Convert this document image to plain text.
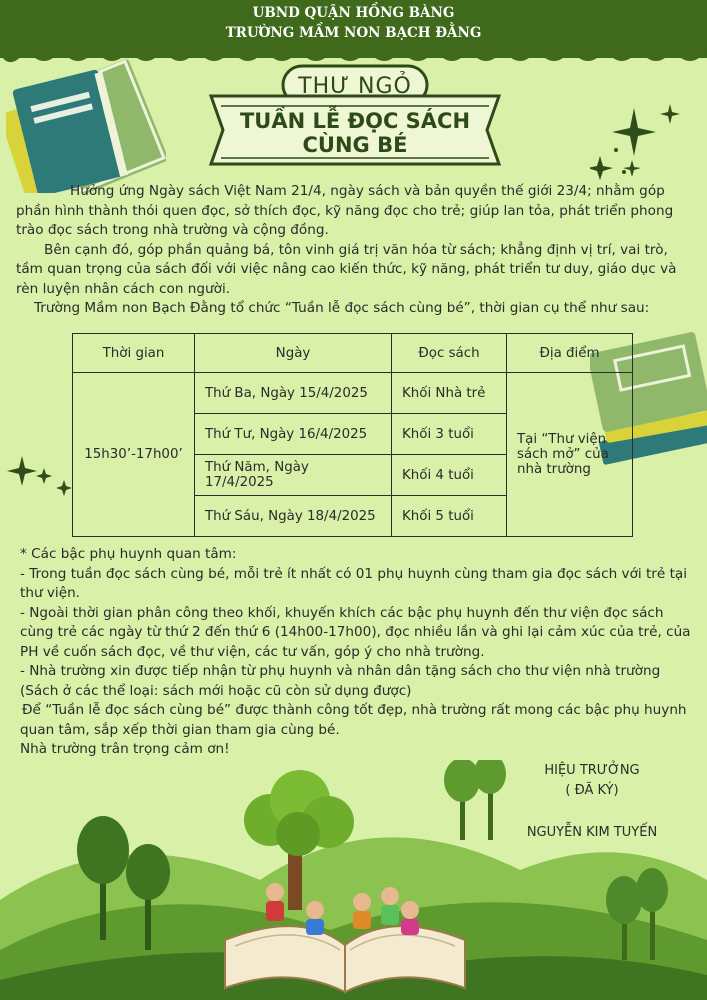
UBND QUẬN HỒNG BÀNG
TRƯỜNG MẦM NON BẠCH ĐẰNG
THƯ NGỎ
TUẦN LỄ ĐỌC SÁCH CÙNG BÉ

Hưởng ứng Ngày sách Việt Nam 21/4, ngày sách và bản quyền thế giới 23/4; nhằm góp phần hình thành thói quen đọc, sở thích đọc, kỹ năng đọc cho trẻ; giúp lan tỏa, phát triển phong trào đọc sách trong nhà trường và cộng đồng.

Bên cạnh đó, góp phần quảng bá, tôn vinh giá trị văn hóa từ sách; khẳng định vị trí, vai trò, tầm quan trọng của sách đối với việc nâng cao kiến thức, kỹ năng, phát triển tư duy, giáo dục và rèn luyện nhân cách con người.

Trường Mầm non Bạch Đằng tổ chức “Tuần lễ đọc sách cùng bé”, thời gian cụ thể như sau:

Thời gian	Ngày	Đọc sách	Địa điểm
15h30’-17h00’	Thứ Ba, Ngày 15/4/2025	Khối Nhà trẻ	Tại “Thư viện sách mở” của nhà trường
	Thứ Tư, Ngày 16/4/2025	Khối 3 tuổi	
	Thứ Năm, Ngày 17/4/2025	Khối 4 tuổi	
	Thứ Sáu, Ngày 18/4/2025	Khối 5 tuổi	

* Các bậc phụ huynh quan tâm:

- Trong tuần đọc sách cùng bé, mỗi trẻ ít nhất có 01 phụ huynh cùng tham gia đọc sách với trẻ tại thư viện.

- Ngoài thời gian phân công theo khối, khuyến khích các bậc phụ huynh đến thư viện đọc sách cùng trẻ các ngày từ thứ 2 đến thứ 6 (14h00-17h00), đọc nhiều lần và ghi lại cảm xúc của trẻ, của PH về cuốn sách đọc, về thư viện, các tư vấn, góp ý cho nhà trường.

- Nhà trường xin được tiếp nhận từ phụ huynh và nhân dân tặng sách cho thư viện nhà trường (Sách ở các thể loại: sách mới hoặc cũ còn sử dụng được)

Để “Tuần lễ đọc sách cùng bé” được thành công tốt đẹp, nhà trường rất mong các bậc phụ huynh quan tâm, sắp xếp thời gian tham gia cùng bé.

Nhà trường trân trọng cảm ơn!

HIỆU TRƯỞNG
( ĐÃ KÝ)
NGUYỄN KIM TUYẾN
